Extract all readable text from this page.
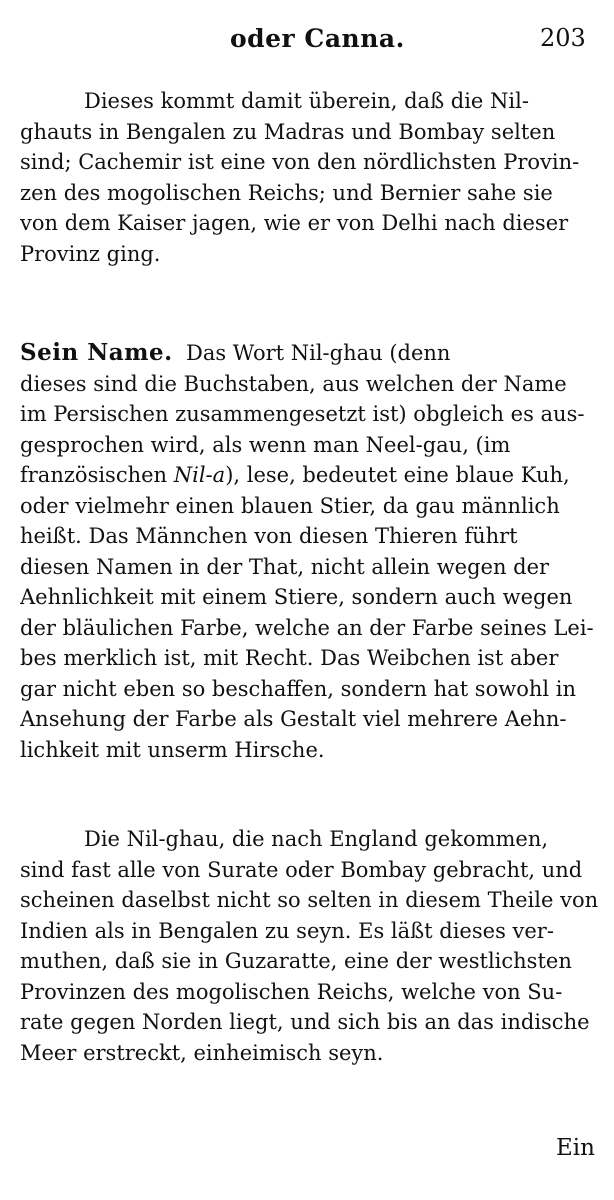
oder Canna.	203
Dieses kommt damit überein, daß die Nil-
ghauts in Bengalen zu Madras und Bombay selten
sind; Cachemir ist eine von den nördlichsten Provin-
zen des mogolischen Reichs; und Bernier sahe sie
von dem Kaiser jagen, wie er von Delhi nach dieser
Provinz ging.
Sein Name. Das Wort Nil-ghau (denn
dieses sind die Buchstaben, aus welchen der Name
im Persischen zusammengesetzt ist) obgleich es aus-
gesprochen wird, als wenn man Neel-gau, (im
französischen Nil-a), lese, bedeutet eine blaue Kuh,
oder vielmehr einen blauen Stier, da gau männlich
heißt. Das Männchen von diesen Thieren führt
diesen Namen in der That, nicht allein wegen der
Aehnlichkeit mit einem Stiere, sondern auch wegen
der bläulichen Farbe, welche an der Farbe seines Lei-
bes merklich ist, mit Recht. Das Weibchen ist aber
gar nicht eben so beschaffen, sondern hat sowohl in
Ansehung der Farbe als Gestalt viel mehrere Aehn-
lichkeit mit unserm Hirsche.
Die Nil-ghau, die nach England gekommen,
sind fast alle von Surate oder Bombay gebracht, und
scheinen daselbst nicht so selten in diesem Theile von
Indien als in Bengalen zu seyn. Es läßt dieses ver-
muthen, daß sie in Guzaratte, eine der westlichsten
Provinzen des mogolischen Reichs, welche von Su-
rate gegen Norden liegt, und sich bis an das indische
Meer erstreckt, einheimisch seyn.
Ein
